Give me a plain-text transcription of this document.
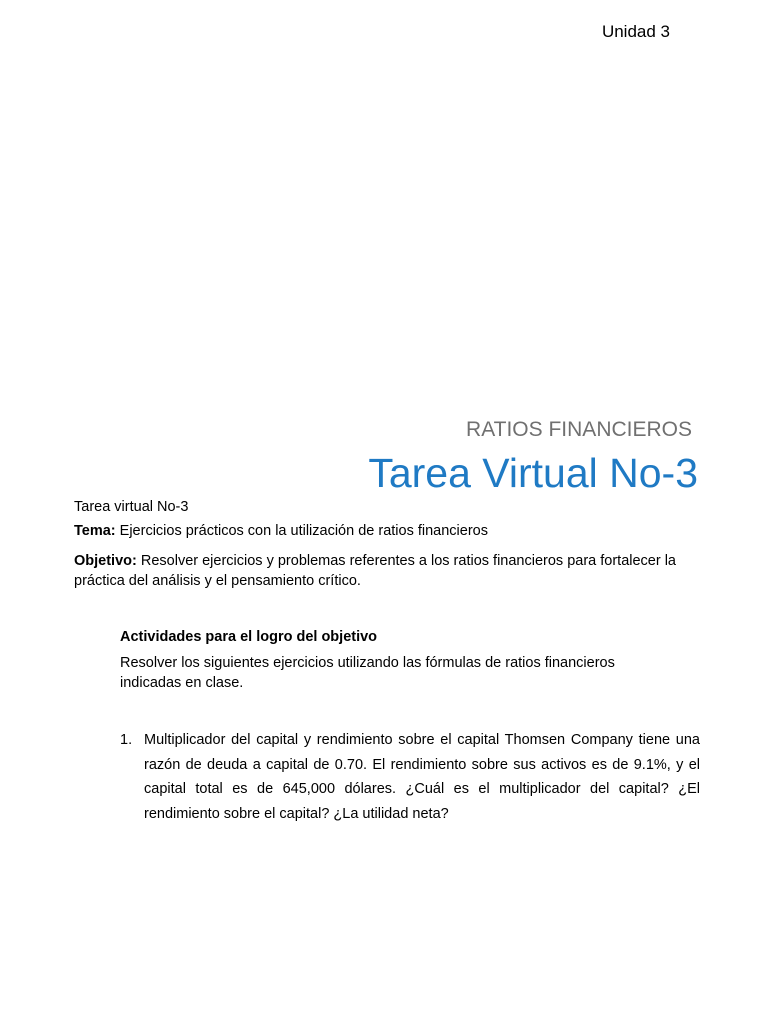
Unidad 3
RATIOS FINANCIEROS
Tarea Virtual No-3
Tarea virtual No-3
Tema: Ejercicios prácticos con la utilización de ratios financieros
Objetivo: Resolver ejercicios y problemas referentes a los ratios financieros para fortalecer la práctica del análisis y el pensamiento crítico.
Actividades para el logro del objetivo
Resolver los siguientes ejercicios utilizando las fórmulas de ratios financieros indicadas en clase.
1. Multiplicador del capital y rendimiento sobre el capital Thomsen Company tiene una razón de deuda a capital de 0.70. El rendimiento sobre sus activos es de 9.1%, y el capital total es de 645,000 dólares. ¿Cuál es el multiplicador del capital? ¿El rendimiento sobre el capital? ¿La utilidad neta?
